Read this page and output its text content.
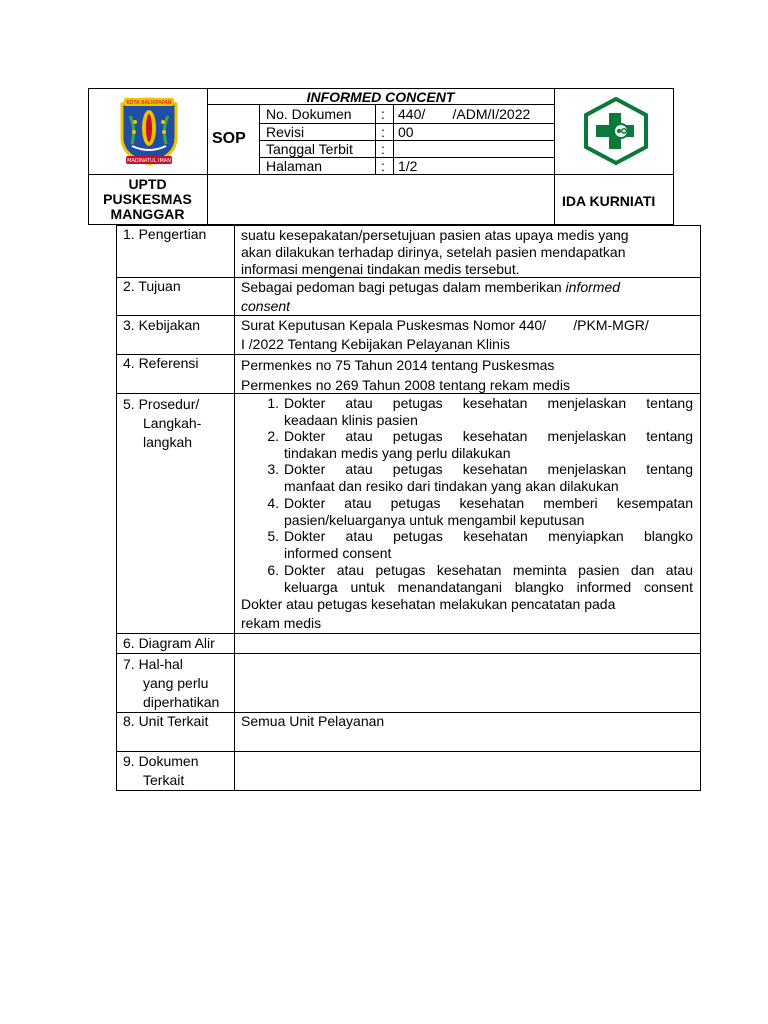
KOTA BALIKPAPAN
MADINATUL IMAN
INFORMED CONCENT
SOP
No. Dokumen : 440/       /ADM/I/2022
Revisi	: 00
Tanggal Terbit :
Halaman	: 1/2
UPTD
PUSKESMAS
MANGGAR
IDA KURNIATI
1. Pengertian suatu kesepakatan/persetujuan pasien atas upaya medis yang
akan dilakukan terhadap dirinya, setelah pasien mendapatkan
informasi mengenai tindakan medis tersebut.
2. Tujuan	Sebagai pedoman bagi petugas dalam memberikan informed
consent
3. Kebijakan	Surat Keputusan Kepala Puskesmas Nomor 440/       /PKM-MGR/
I /2022 Tentang Kebijakan Pelayanan Klinis
4. Referensi	Permenkes no 75 Tahun 2014 tentang Puskesmas
Permenkes no 269 Tahun 2008 tentang rekam medis
5. Prosedur/
Langkah-
langkah
1. Dokter atau petugas kesehatan menjelaskan tentang
keadaan klinis pasien
2. Dokter atau petugas kesehatan menjelaskan tentang
tindakan medis yang perlu dilakukan
3. Dokter atau petugas kesehatan menjelaskan tentang
manfaat dan resiko dari tindakan yang akan dilakukan
4. Dokter atau petugas kesehatan memberi kesempatan
pasien/keluarganya untuk mengambil keputusan
5. Dokter atau petugas kesehatan menyiapkan blangko
informed consent
6. Dokter atau petugas kesehatan meminta pasien dan atau
keluarga untuk menandatangani blangko informed consent
Dokter atau petugas kesehatan melakukan pencatatan pada
rekam medis
6. Diagram Alir
7. Hal-hal
yang perlu
diperhatikan
8. Unit Terkait Semua Unit Pelayanan
9. Dokumen
Terkait
